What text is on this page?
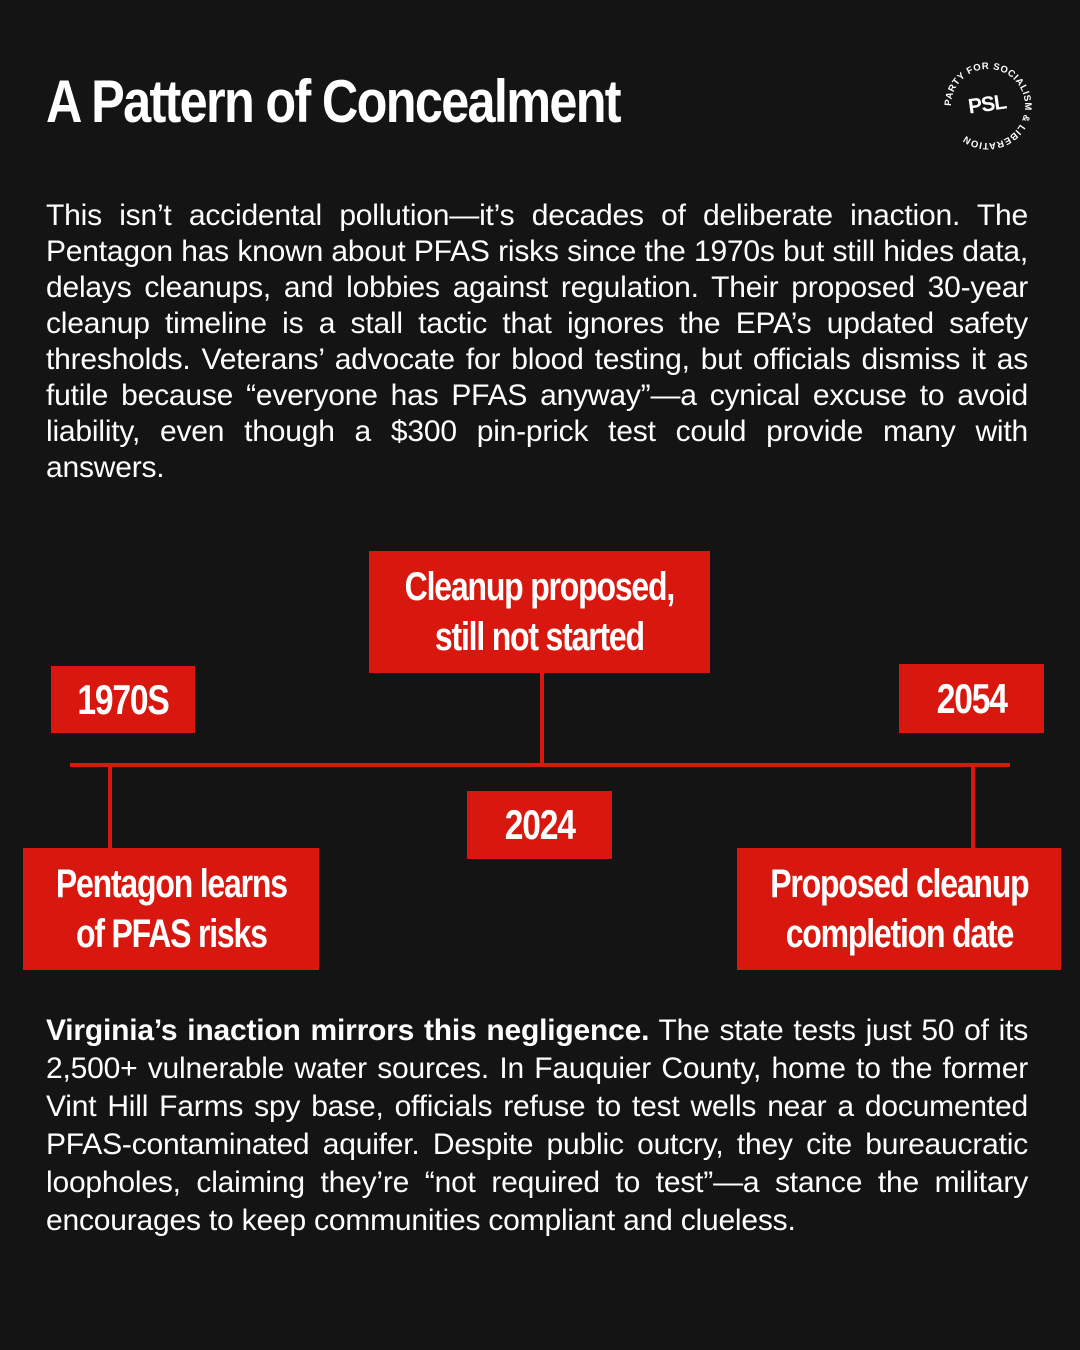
A Pattern of Concealment	PARTY FOR SOCIALISM & LIBERATION
PSL

This isn’t accidental pollution—it’s decades of deliberate inaction. The Pentagon has known about PFAS risks since the 1970s but still hides data, delays cleanups, and lobbies against regulation. Their proposed 30-year cleanup timeline is a stall tactic that ignores the EPA’s updated safety thresholds. Veterans’ advocate for blood testing, but officials dismiss it as futile because “everyone has PFAS anyway”—a cynical excuse to avoid liability, even though a $300 pin-prick test could provide many with answers.

1970S
Pentagon learns
of PFAS risks
Cleanup proposed,
still not started
2024
2054
Proposed cleanup
completion date

Virginia’s inaction mirrors this negligence. The state tests just 50 of its 2,500+ vulnerable water sources. In Fauquier County, home to the former Vint Hill Farms spy base, officials refuse to test wells near a documented PFAS-contaminated aquifer. Despite public outcry, they cite bureaucratic loopholes, claiming they’re “not required to test”—a stance the military encourages to keep communities compliant and clueless.
